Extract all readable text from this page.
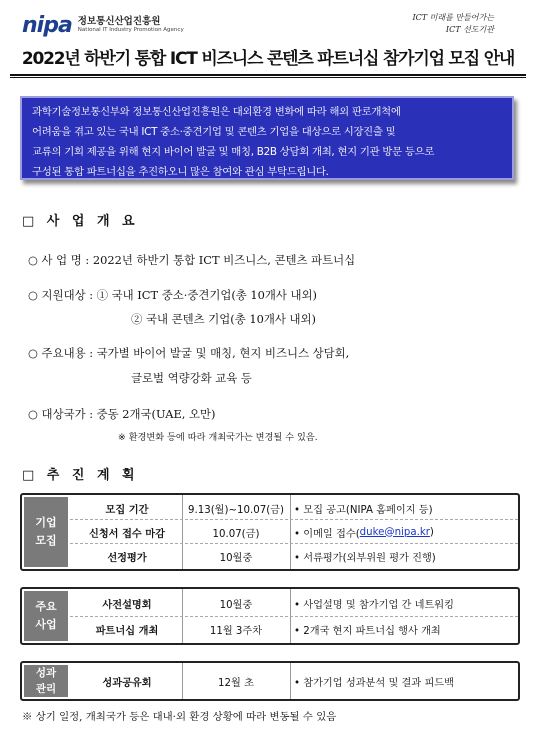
nipa 정보통신산업진흥원
National IT Industry Promotion Agency
ICT 미래를 만들어가는
ICT 선도기관
2022년 하반기 통합 ICT 비즈니스 콘텐츠 파트너십 참가기업 모집 안내
과학기술정보통신부와 정보통신산업진흥원은 대외환경 변화에 따라 해외 판로개척에
어려움을 겪고 있는 국내 ICT 중소·중견기업 및 콘텐츠 기업을 대상으로 시장진출 및
교류의 기회 제공을 위해 현지 바이어 발굴 및 매칭, B2B 상담회 개최, 현지 기관 방문 등으로
구성된 통합 파트너십을 추진하오니 많은 참여와 관심 부탁드립니다.
□ 사 업 개 요
○ 사 업 명 : 2022년 하반기 통합 ICT 비즈니스, 콘텐츠 파트너십
○ 지원대상 : ① 국내 ICT 중소·중견기업(총 10개사 내외)
② 국내 콘텐츠 기업(총 10개사 내외)
○ 주요내용 : 국가별 바이어 발굴 및 매칭, 현지 비즈니스 상담회,
글로벌 역량강화 교육 등
○ 대상국가 : 중동 2개국(UAE, 오만)
※ 환경변화 등에 따라 개최국가는 변경될 수 있음.
□ 추 진 계 획
기업
모집
모집 기간	9.13(월)~10.07(금) • 모집 공고(NIPA 홈페이지 등)
신청서 접수 마감	10.07(금)	• 이메일 접수( duke@nipa.kr )
선정평가	10월중	• 서류평가(외부위원 평가 진행)
주요
사업
사전설명회	10월중	• 사업설명 및 참가기업 간 네트워킹
파트너십 개최	11월 3주차	• 2개국 현지 파트너십 행사 개최
성과
관리	성과공유회	12월 초	• 참가기업 성과분석 및 결과 피드백
※ 상기 일정, 개최국가 등은 대내·외 환경 상황에 따라 변동될 수 있음
